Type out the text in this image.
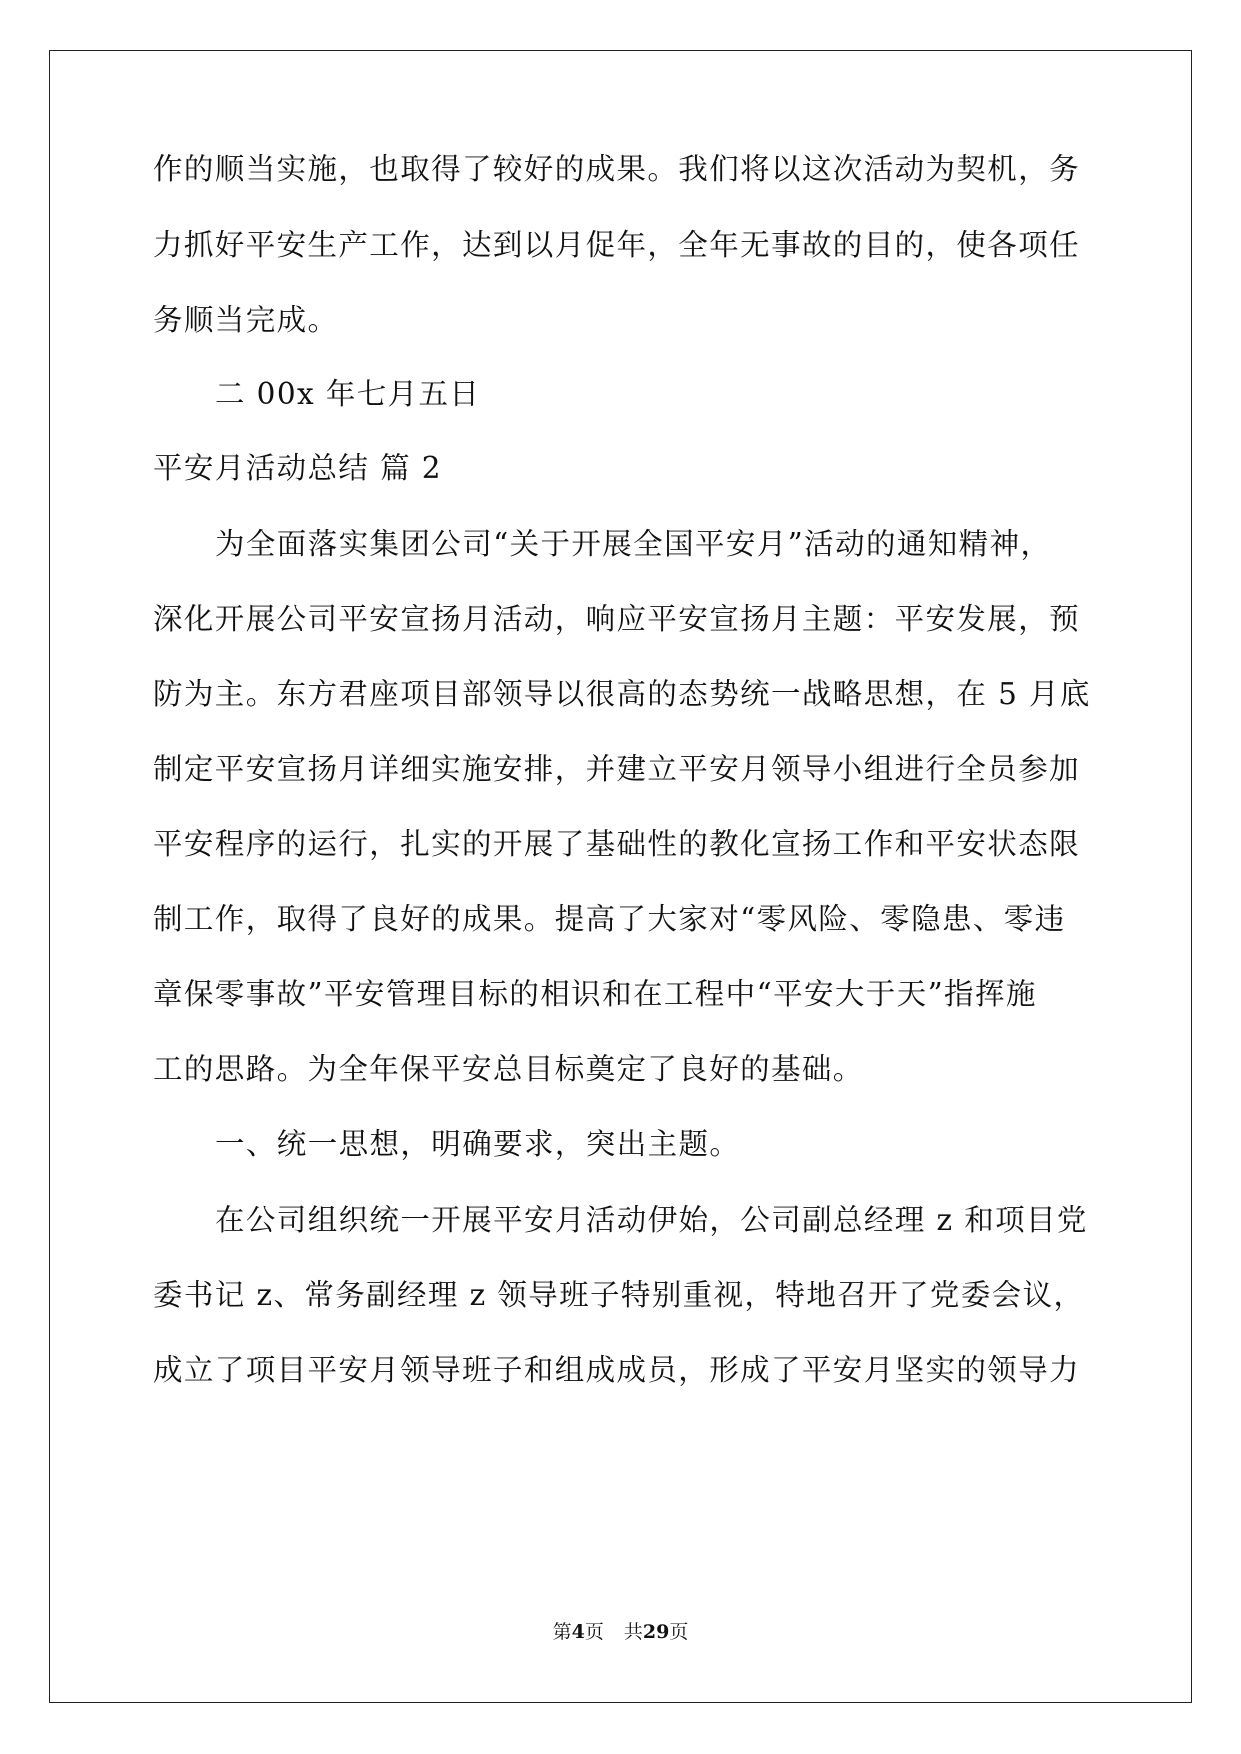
作的顺当实施，也取得了较好的成果。我们将以这次活动为契机，务

力抓好平安生产工作，达到以月促年，全年无事故的目的，使各项任

务顺当完成。

二 00x 年七月五日

平安月活动总结 篇 2

为全面落实集团公司“关于开展全国平安月”活动的通知精神，

深化开展公司平安宣扬月活动，响应平安宣扬月主题：平安发展，预

防为主。东方君座项目部领导以很高的态势统一战略思想，在 5 月底

制定平安宣扬月详细实施安排，并建立平安月领导小组进行全员参加

平安程序的运行，扎实的开展了基础性的教化宣扬工作和平安状态限

制工作，取得了良好的成果。提高了大家对“零风险、零隐患、零违

章保零事故”平安管理目标的相识和在工程中“平安大于天”指挥施

工的思路。为全年保平安总目标奠定了良好的基础。

一、统一思想，明确要求，突出主题。

在公司组织统一开展平安月活动伊始，公司副总经理 z 和项目党

委书记 z、常务副经理 z 领导班子特别重视，特地召开了党委会议，

成立了项目平安月领导班子和组成成员，形成了平安月坚实的领导力

第4页 共29页
